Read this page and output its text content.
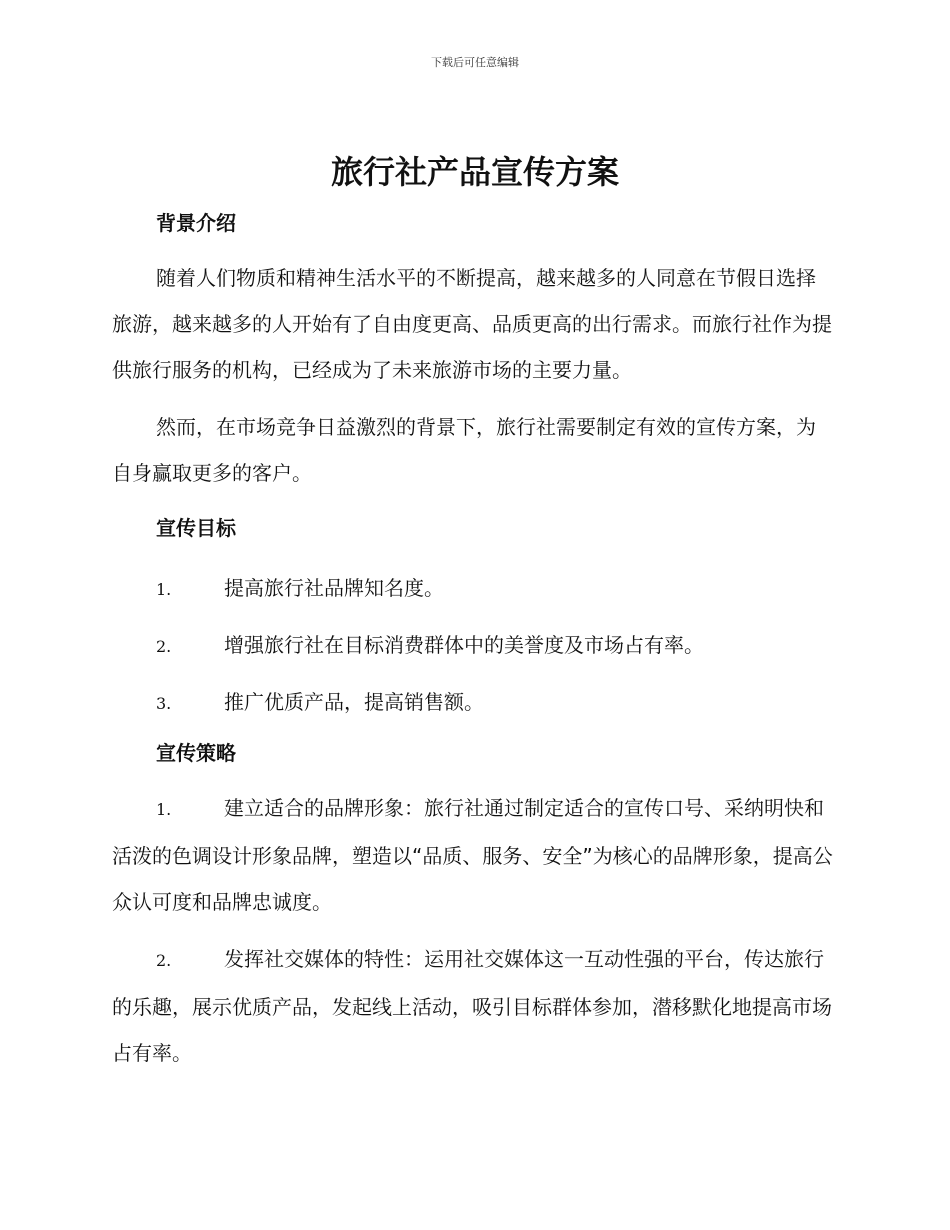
下载后可任意编辑
旅行社产品宣传方案
背景介绍

随着人们物质和精神生活水平的不断提高，越来越多的人同意在节假日选择旅游，越来越多的人开始有了自由度更高、品质更高的出行需求。而旅行社作为提供旅行服务的机构，已经成为了未来旅游市场的主要力量。

然而，在市场竞争日益激烈的背景下，旅行社需要制定有效的宣传方案，为自身赢取更多的客户。

宣传目标
1.	提高旅行社品牌知名度。
2.	增强旅行社在目标消费群体中的美誉度及市场占有率。
3.	推广优质产品，提高销售额。
宣传策略

1.	建立适合的品牌形象：旅行社通过制定适合的宣传口号、采纳明快和活泼的色调设计形象品牌，塑造以“品质、服务、安全”为核心的品牌形象，提高公众认可度和品牌忠诚度。

2.	发挥社交媒体的特性：运用社交媒体这一互动性强的平台，传达旅行的乐趣，展示优质产品，发起线上活动，吸引目标群体参加，潜移默化地提高市场占有率。
